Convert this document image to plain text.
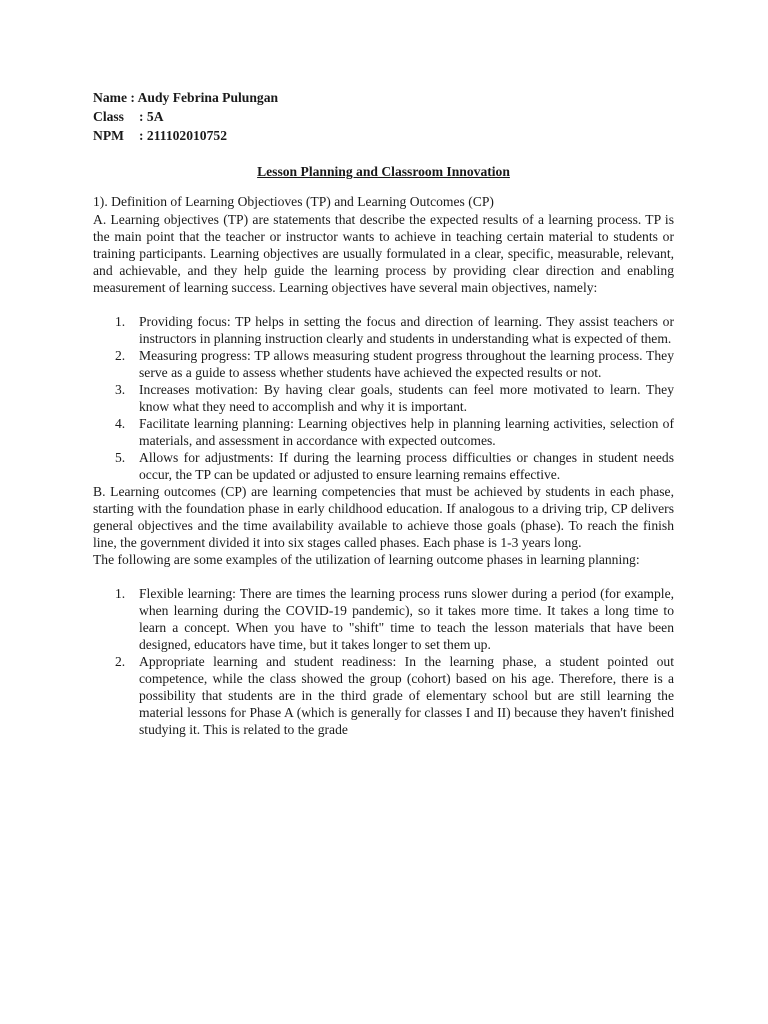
Name : Audy Febrina Pulungan
Class : 5A
NPM : 211102010752
Lesson Planning and Classroom Innovation
1). Definition of Learning Objectioves (TP) and Learning Outcomes (CP)

A. Learning objectives (TP) are statements that describe the expected results of a learning process. TP is the main point that the teacher or instructor wants to achieve in teaching certain material to students or training participants. Learning objectives are usually formulated in a clear, specific, measurable, relevant, and achievable, and they help guide the learning process by providing clear direction and enabling measurement of learning success. Learning objectives have several main objectives, namely:

1. Providing focus: TP helps in setting the focus and direction of learning. They assist teachers or instructors in planning instruction clearly and students in understanding what is expected of them.
2. Measuring progress: TP allows measuring student progress throughout the learning process. They serve as a guide to assess whether students have achieved the expected results or not.
3. Increases motivation: By having clear goals, students can feel more motivated to learn. They know what they need to accomplish and why it is important.
4. Facilitate learning planning: Learning objectives help in planning learning activities, selection of materials, and assessment in accordance with expected outcomes.
5. Allows for adjustments: If during the learning process difficulties or changes in student needs occur, the TP can be updated or adjusted to ensure learning remains effective.

B. Learning outcomes (CP) are learning competencies that must be achieved by students in each phase, starting with the foundation phase in early childhood education. If analogous to a driving trip, CP delivers general objectives and the time availability available to achieve those goals (phase). To reach the finish line, the government divided it into six stages called phases. Each phase is 1-3 years long.

The following are some examples of the utilization of learning outcome phases in learning planning:

1. Flexible learning: There are times the learning process runs slower during a period (for example, when learning during the COVID-19 pandemic), so it takes more time. It takes a long time to learn a concept. When you have to "shift" time to teach the lesson materials that have been designed, educators have time, but it takes longer to set them up.
2. Appropriate learning and student readiness: In the learning phase, a student pointed out competence, while the class showed the group (cohort) based on his age. Therefore, there is a possibility that students are in the third grade of elementary school but are still learning the material lessons for Phase A (which is generally for classes I and II) because they haven't finished studying it. This is related to the grade
